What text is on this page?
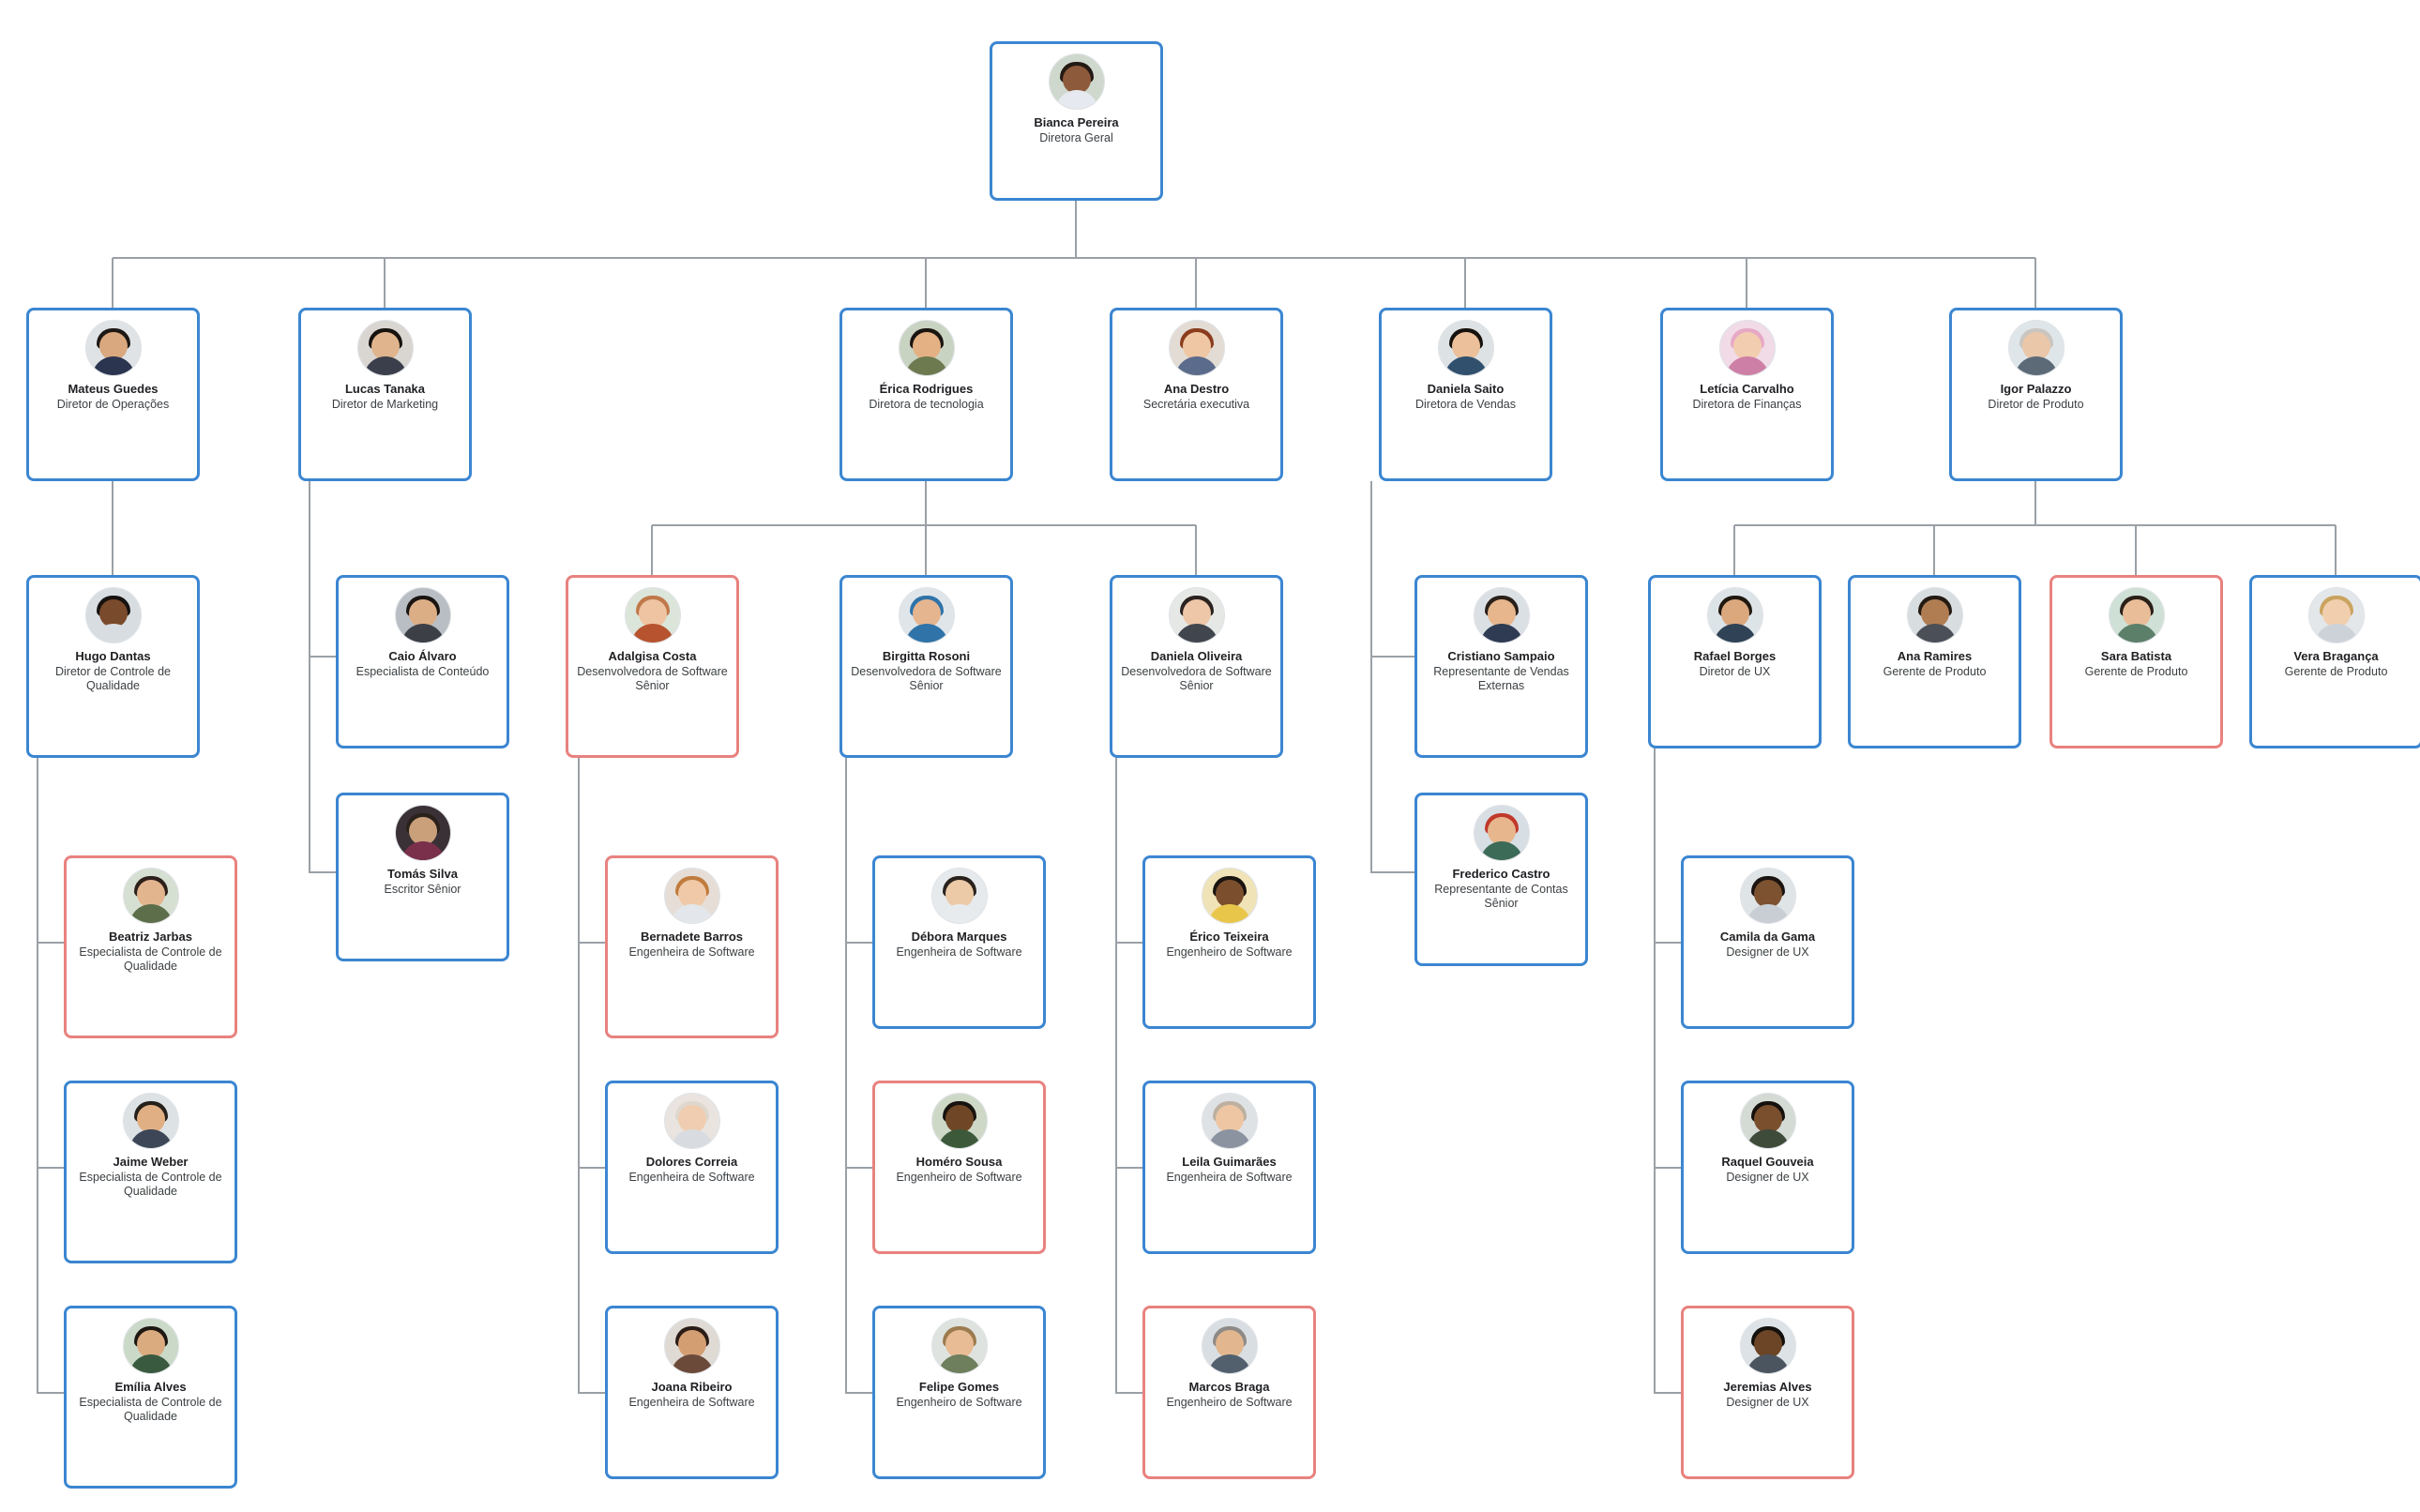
Bianca Pereira
Diretora Geral
Mateus Guedes
Diretor de Operações
Lucas Tanaka
Diretor de Marketing
Érica Rodrigues
Diretora de tecnologia
Ana Destro
Secretária executiva
Daniela Saito
Diretora de Vendas
Letícia Carvalho
Diretora de Finanças
Igor Palazzo
Diretor de Produto
Hugo Dantas
Diretor de Controle de Qualidade
Caio Álvaro
Especialista de Conteúdo
Tomás Silva
Escritor Sênior
Adalgisa Costa
Desenvolvedora de Software Sênior
Birgitta Rosoni
Desenvolvedora de Software Sênior
Daniela Oliveira
Desenvolvedora de Software Sênior
Cristiano Sampaio
Representante de Vendas Externas
Frederico Castro
Representante de Contas Sênior
Rafael Borges
Diretor de UX
Ana Ramires
Gerente de Produto
Sara Batista
Gerente de Produto
Vera Bragança
Gerente de Produto
Beatriz Jarbas
Especialista de Controle de Qualidade
Jaime Weber
Especialista de Controle de Qualidade
Emília Alves
Especialista de Controle de Qualidade
Bernadete Barros
Engenheira de Software
Dolores Correia
Engenheira de Software
Joana Ribeiro
Engenheira de Software
Débora Marques
Engenheira de Software
Homéro Sousa
Engenheiro de Software
Felipe Gomes
Engenheiro de Software
Érico Teixeira
Engenheiro de Software
Leila Guimarães
Engenheira de Software
Marcos Braga
Engenheiro de Software
Camila da Gama
Designer de UX
Raquel Gouveia
Designer de UX
Jeremias Alves
Designer de UX
